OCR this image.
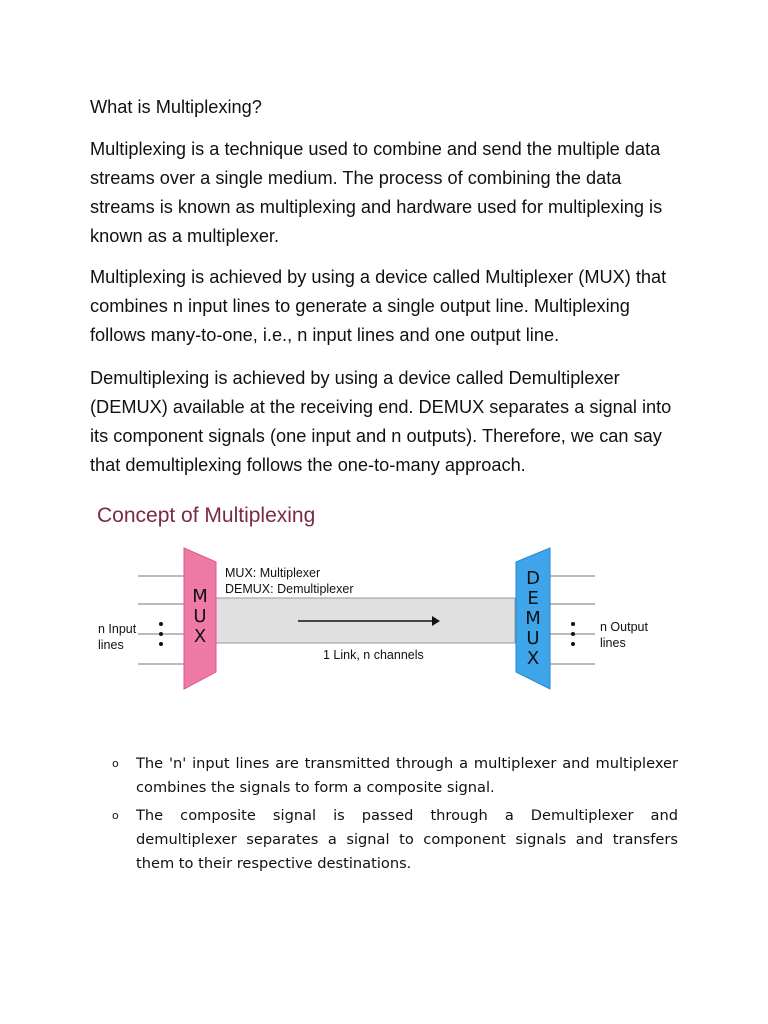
What is Multiplexing?

Multiplexing is a technique used to combine and send the multiple data streams over a single medium. The process of combining the data streams is known as multiplexing and hardware used for multiplexing is known as a multiplexer.

Multiplexing is achieved by using a device called Multiplexer (MUX) that combines n input lines to generate a single output line. Multiplexing follows many-to-one, i.e., n input lines and one output line.

Demultiplexing is achieved by using a device called Demultiplexer (DEMUX) available at the receiving end. DEMUX separates a signal into its component signals (one input and n outputs). Therefore, we can say that demultiplexing follows the one-to-many approach.

Concept of Multiplexing
M
U
X
D
E
M
U
X
MUX: Multiplexer
DEMUX: Demultiplexer
1 Link, n channels
n Input
lines
n Output
lines
o The 'n' input lines are transmitted through a multiplexer and multiplexer combines the signals to form a composite signal.
o The composite signal is passed through a Demultiplexer and demultiplexer separates a signal to component signals and transfers them to their respective destinations.
